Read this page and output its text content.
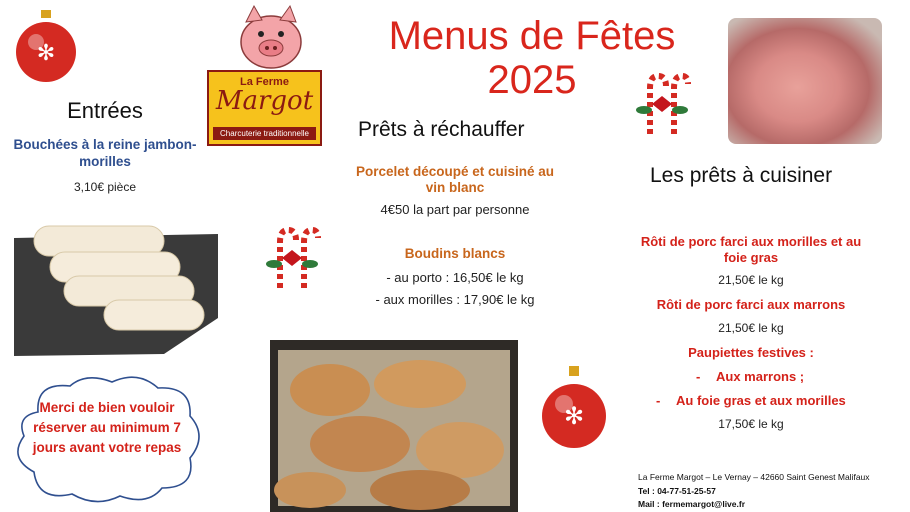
✻
La Ferme
Margot
Charcuterie traditionnelle
Menus de Fêtes
2025
Entrées
Bouchées à la reine jambon-morilles
3,10€ pièce
Merci de bien vouloir réserver au minimum 7 jours avant votre repas
Prêts à réchauffer
Porcelet découpé et cuisiné au vin blanc
4€50 la part par personne
Boudins blancs
- au porto : 16,50€ le kg
- aux morilles : 17,90€ le kg
✻
Les prêts à cuisiner
Rôti de porc farci aux morilles et au foie gras
21,50€ le kg
Rôti de porc farci aux marrons
21,50€ le kg
Paupiettes festives :
- Aux marrons ;
- Au foie gras et aux morilles
17,50€ le kg
La Ferme Margot – Le Vernay – 42660 Saint Genest Malifaux
Tel : 04-77-51-25-57
Mail : fermemargot@live.fr
